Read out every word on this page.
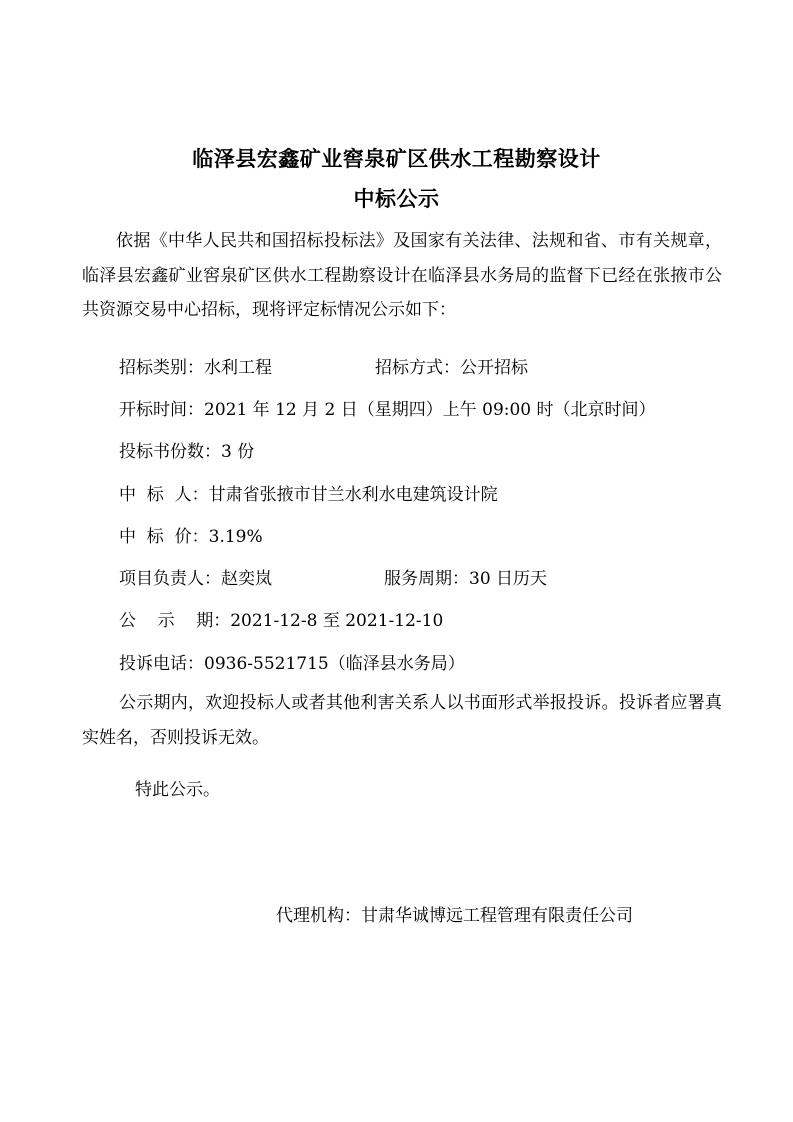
临泽县宏鑫矿业窖泉矿区供水工程勘察设计
中标公示
依据《中华人民共和国招标投标法》及国家有关法律、法规和省、市有关规章，临泽县宏鑫矿业窖泉矿区供水工程勘察设计在临泽县水务局的监督下已经在张掖市公共资源交易中心招标，现将评定标情况公示如下：
招标类别：水利工程	招标方式：公开招标
开标时间：2021 年 12 月 2 日（星期四）上午 09:00 时（北京时间）
投标书份数：3 份
中  标  人：甘肃省张掖市甘兰水利水电建筑设计院
中  标  价：3.19%
项目负责人：赵奕岚	服务周期：30 日历天
公    示    期：2021-12-8 至 2021-12-10
投诉电话：0936-5521715（临泽县水务局）
公示期内，欢迎投标人或者其他利害关系人以书面形式举报投诉。投诉者应署真实姓名，否则投诉无效。
特此公示。
代理机构：甘肃华诚博远工程管理有限责任公司
